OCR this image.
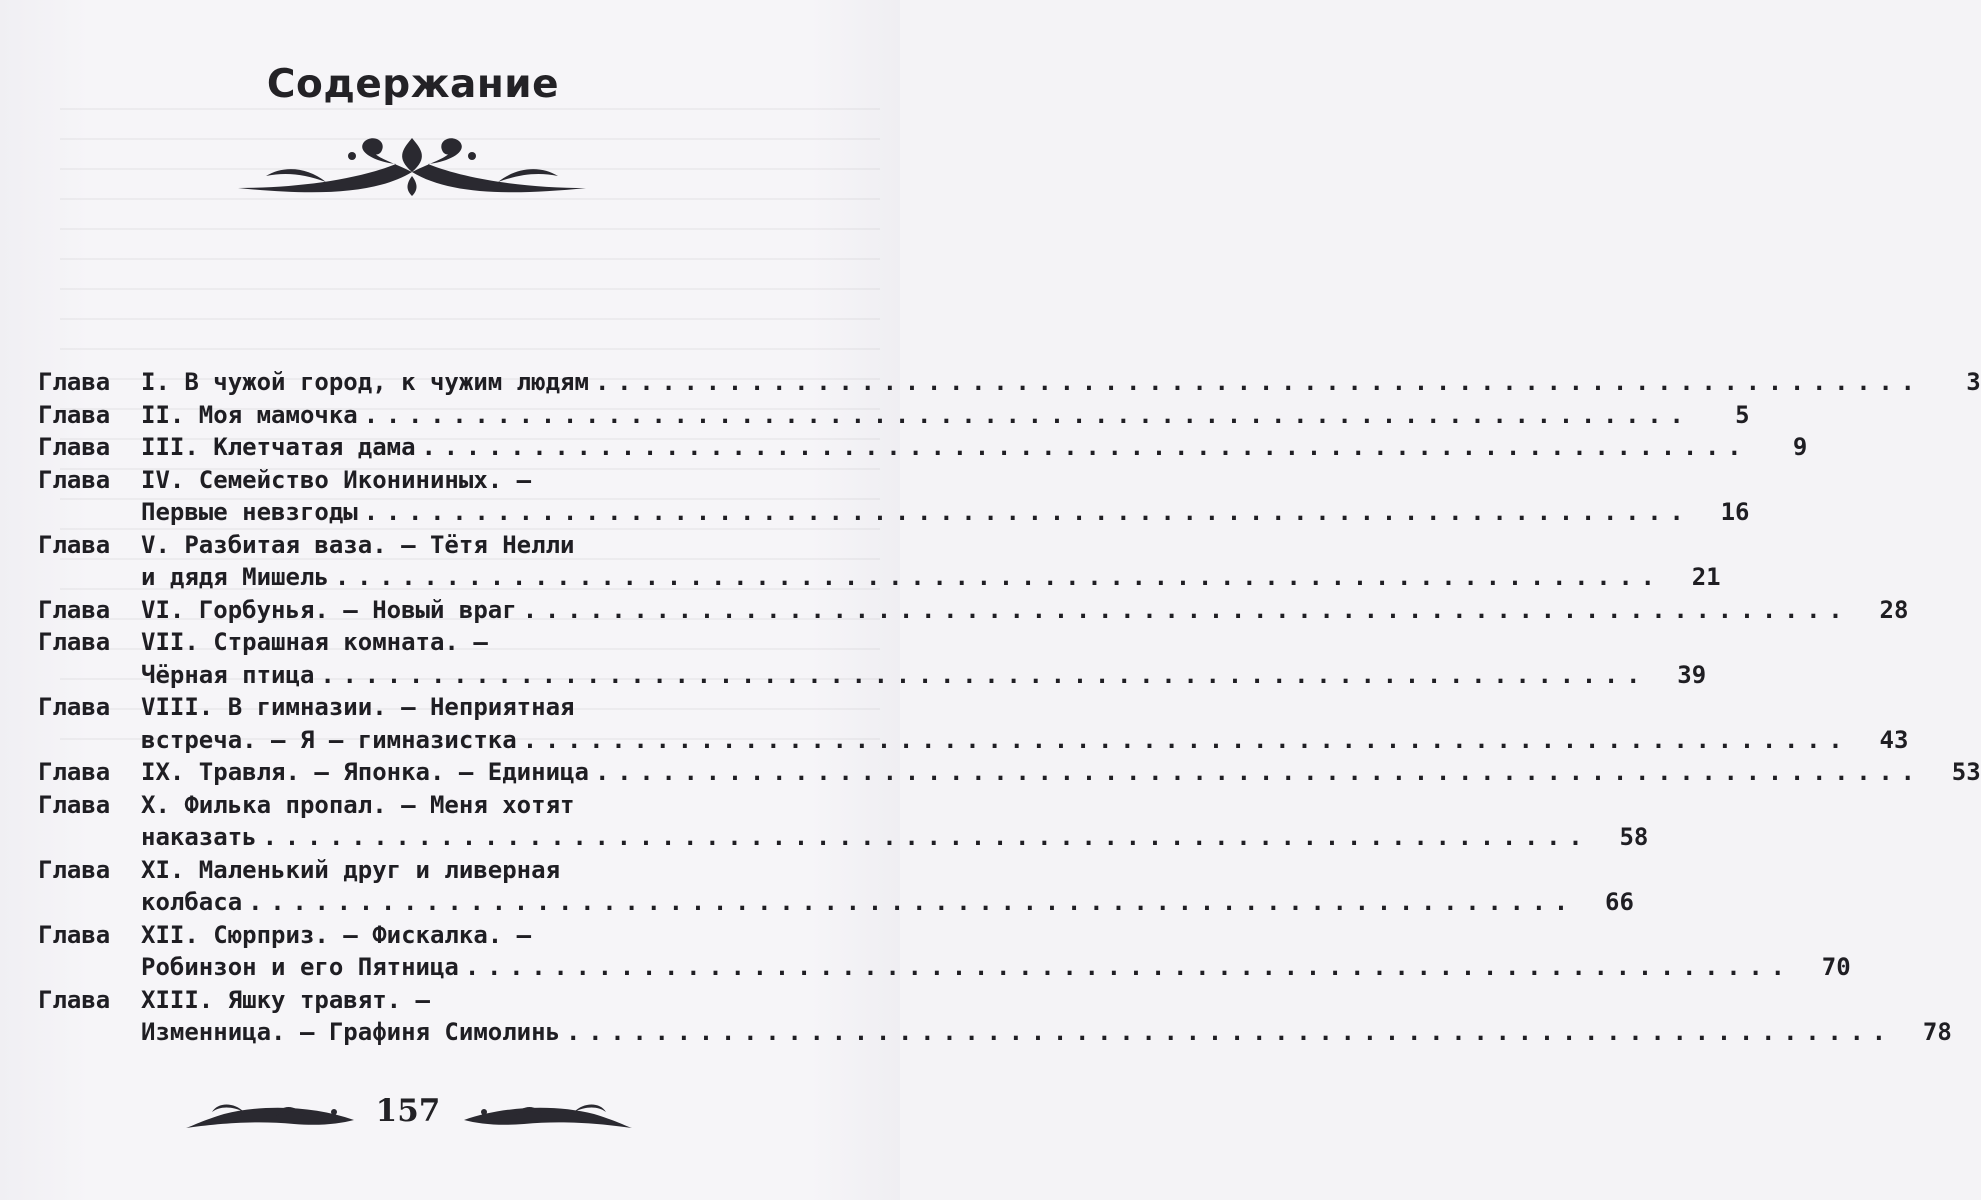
Содержание
Глава	I. В чужой город, к чужим людям ............................................................	3
Глава	II. Моя мамочка ............................................................	5
Глава	III. Клетчатая дама ............................................................	9
Глава	IV. Семейство Иконининых. —
Первые невзгоды ............................................................	16
Глава	V. Разбитая ваза. — Тётя Нелли
и дядя Мишель ............................................................	21
Глава	VI. Горбунья. — Новый враг ............................................................	28
Глава	VII. Страшная комната. —
Чёрная птица ............................................................	39
Глава	VIII. В гимназии. — Неприятная
встреча. — Я — гимназистка ............................................................	43
Глава	IX. Травля. — Японка. — Единица ............................................................	53
Глава	X. Филька пропал. — Меня хотят
наказать ............................................................	58
Глава	XI. Маленький друг и ливерная
колбаса ............................................................	66
Глава	XII. Сюрприз. — Фискалка. —
Робинзон и его Пятница ............................................................	70
Глава	XIII. Яшку травят. —
Изменница. — Графиня Симолинь ............................................................	78
157
